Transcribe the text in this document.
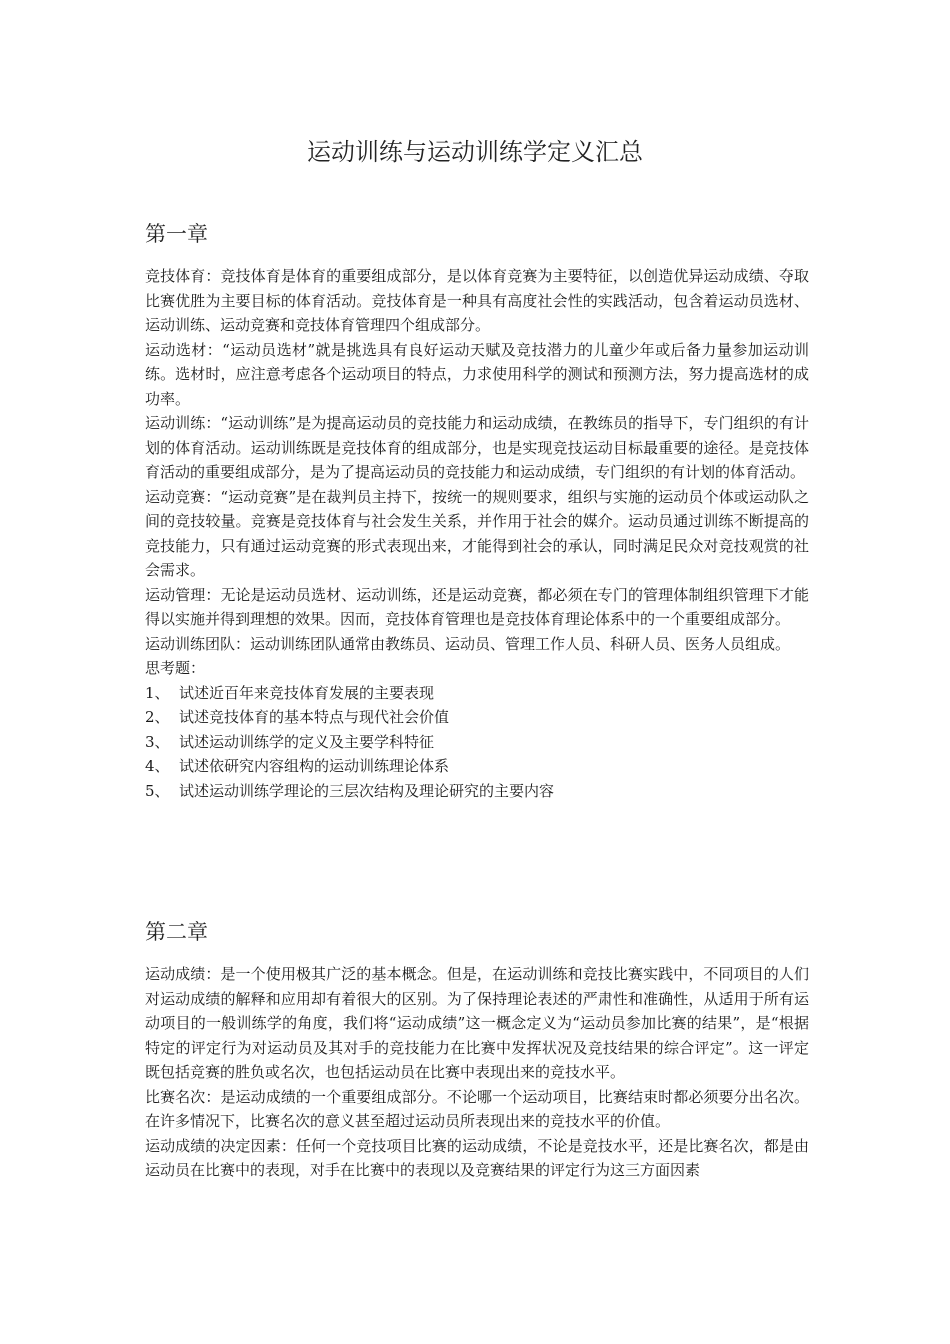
运动训练与运动训练学定义汇总
第一章

竞技体育：竞技体育是体育的重要组成部分，是以体育竞赛为主要特征，以创造优异运动成绩、夺取比赛优胜为主要目标的体育活动。竞技体育是一种具有高度社会性的实践活动，包含着运动员选材、运动训练、运动竞赛和竞技体育管理四个组成部分。

运动选材：“运动员选材”就是挑选具有良好运动天赋及竞技潜力的儿童少年或后备力量参加运动训练。选材时，应注意考虑各个运动项目的特点，力求使用科学的测试和预测方法，努力提高选材的成功率。

运动训练：“运动训练”是为提高运动员的竞技能力和运动成绩，在教练员的指导下，专门组织的有计划的体育活动。运动训练既是竞技体育的组成部分，也是实现竞技运动目标最重要的途径。是竞技体育活动的重要组成部分，是为了提高运动员的竞技能力和运动成绩，专门组织的有计划的体育活动。

运动竞赛：“运动竞赛”是在裁判员主持下，按统一的规则要求，组织与实施的运动员个体或运动队之间的竞技较量。竞赛是竞技体育与社会发生关系，并作用于社会的媒介。运动员通过训练不断提高的竞技能力，只有通过运动竞赛的形式表现出来，才能得到社会的承认，同时满足民众对竞技观赏的社会需求。

运动管理：无论是运动员选材、运动训练，还是运动竞赛，都必须在专门的管理体制组织管理下才能得以实施并得到理想的效果。因而，竞技体育管理也是竞技体育理论体系中的一个重要组成部分。

运动训练团队：运动训练团队通常由教练员、运动员、管理工作人员、科研人员、医务人员组成。

思考题：

1、 试述近百年来竞技体育发展的主要表现
2、 试述竞技体育的基本特点与现代社会价值
3、 试述运动训练学的定义及主要学科特征
4、 试述依研究内容组构的运动训练理论体系
5、 试述运动训练学理论的三层次结构及理论研究的主要内容
第二章

运动成绩：是一个使用极其广泛的基本概念。但是，在运动训练和竞技比赛实践中，不同项目的人们对运动成绩的解释和应用却有着很大的区别。为了保持理论表述的严肃性和准确性，从适用于所有运动项目的一般训练学的角度，我们将“运动成绩”这一概念定义为“运动员参加比赛的结果”，是“根据特定的评定行为对运动员及其对手的竞技能力在比赛中发挥状况及竞技结果的综合评定”。这一评定既包括竞赛的胜负或名次，也包括运动员在比赛中表现出来的竞技水平。

比赛名次：是运动成绩的一个重要组成部分。不论哪一个运动项目，比赛结束时都必须要分出名次。在许多情况下，比赛名次的意义甚至超过运动员所表现出来的竞技水平的价值。

运动成绩的决定因素：任何一个竞技项目比赛的运动成绩，不论是竞技水平，还是比赛名次，都是由运动员在比赛中的表现，对手在比赛中的表现以及竞赛结果的评定行为这三方面因素
